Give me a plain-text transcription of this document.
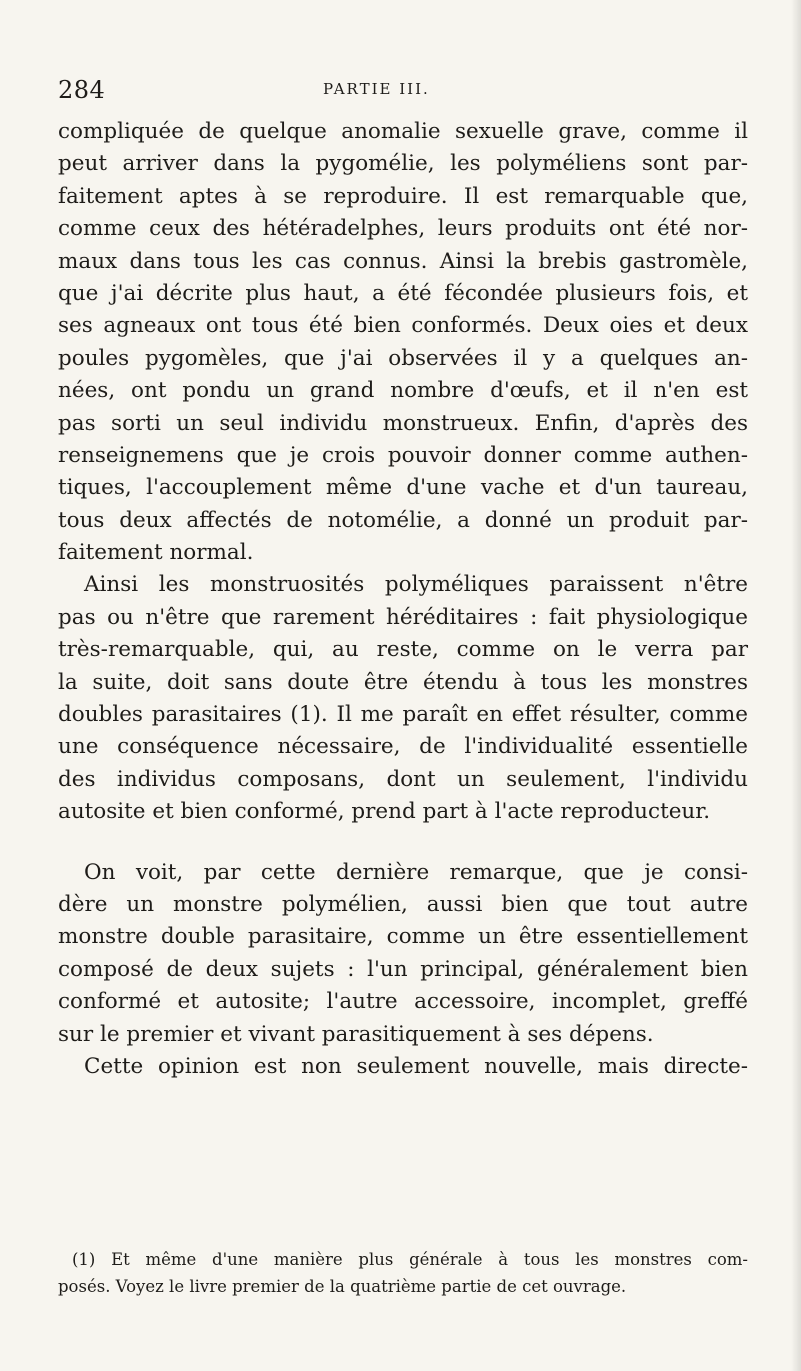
284	PARTIE III.
compliquée de quelque anomalie sexuelle grave, comme il
peut arriver dans la pygomélie, les polyméliens sont par-
faitement aptes à se reproduire. Il est remarquable que,
comme ceux des hétéradelphes, leurs produits ont été nor-
maux dans tous les cas connus. Ainsi la brebis gastromèle,
que j'ai décrite plus haut, a été fécondée plusieurs fois, et
ses agneaux ont tous été bien conformés. Deux oies et deux
poules pygomèles, que j'ai observées il y a quelques an-
nées, ont pondu un grand nombre d'œufs, et il n'en est
pas sorti un seul individu monstrueux. Enfin, d'après des
renseignemens que je crois pouvoir donner comme authen-
tiques, l'accouplement même d'une vache et d'un taureau,
tous deux affectés de notomélie, a donné un produit par-
faitement normal.
Ainsi les monstruosités polyméliques paraissent n'être
pas ou n'être que rarement héréditaires : fait physiologique
très-remarquable, qui, au reste, comme on le verra par
la suite, doit sans doute être étendu à tous les monstres
doubles parasitaires (1). Il me paraît en effet résulter, comme
une conséquence nécessaire, de l'individualité essentielle
des individus composans, dont un seulement, l'individu
autosite et bien conformé, prend part à l'acte reproducteur.
On voit, par cette dernière remarque, que je consi-
dère un monstre polymélien, aussi bien que tout autre
monstre double parasitaire, comme un être essentiellement
composé de deux sujets : l'un principal, généralement bien
conformé et autosite; l'autre accessoire, incomplet, greffé
sur le premier et vivant parasitiquement à ses dépens.
Cette opinion est non seulement nouvelle, mais directe-
(1) Et même d'une manière plus générale à tous les monstres com-
posés. Voyez le livre premier de la quatrième partie de cet ouvrage.
